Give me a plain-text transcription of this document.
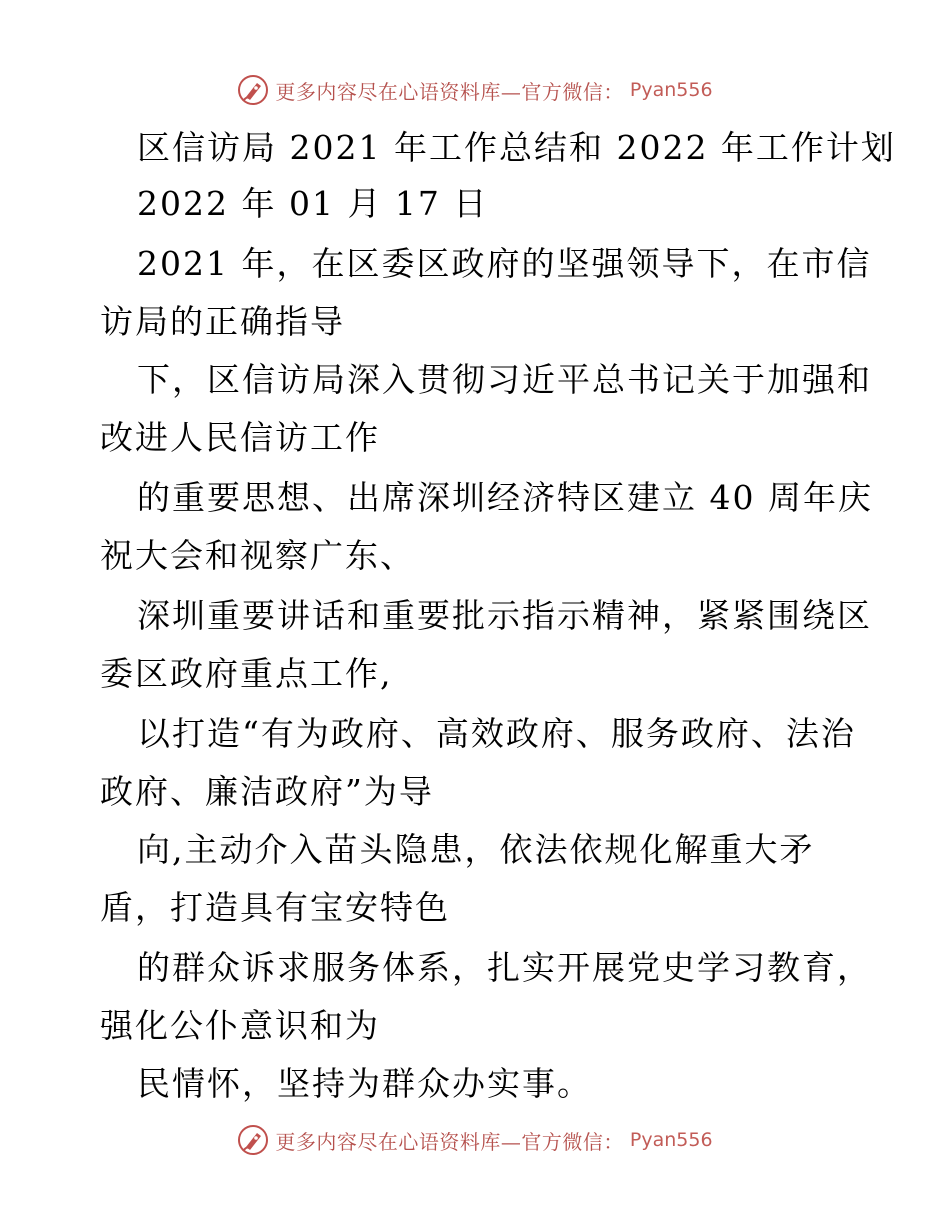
更多内容尽在心语资料库—官方微信： Pyan556
区信访局 2021 年工作总结和 2022 年工作计划
2022 年 01 月 17 日
2021 年，在区委区政府的坚强领导下，在市信
访局的正确指导
下，区信访局深入贯彻习近平总书记关于加强和
改进人民信访工作
的重要思想、出席深圳经济特区建立 40 周年庆
祝大会和视察广东、
深圳重要讲话和重要批示指示精神，紧紧围绕区
委区政府重点工作,
以打造“有为政府、高效政府、服务政府、法治
政府、廉洁政府”为导
向,主动介入苗头隐患，依法依规化解重大矛
盾，打造具有宝安特色
的群众诉求服务体系，扎实开展党史学习教育，
强化公仆意识和为
民情怀，坚持为群众办实事。
更多内容尽在心语资料库—官方微信： Pyan556
